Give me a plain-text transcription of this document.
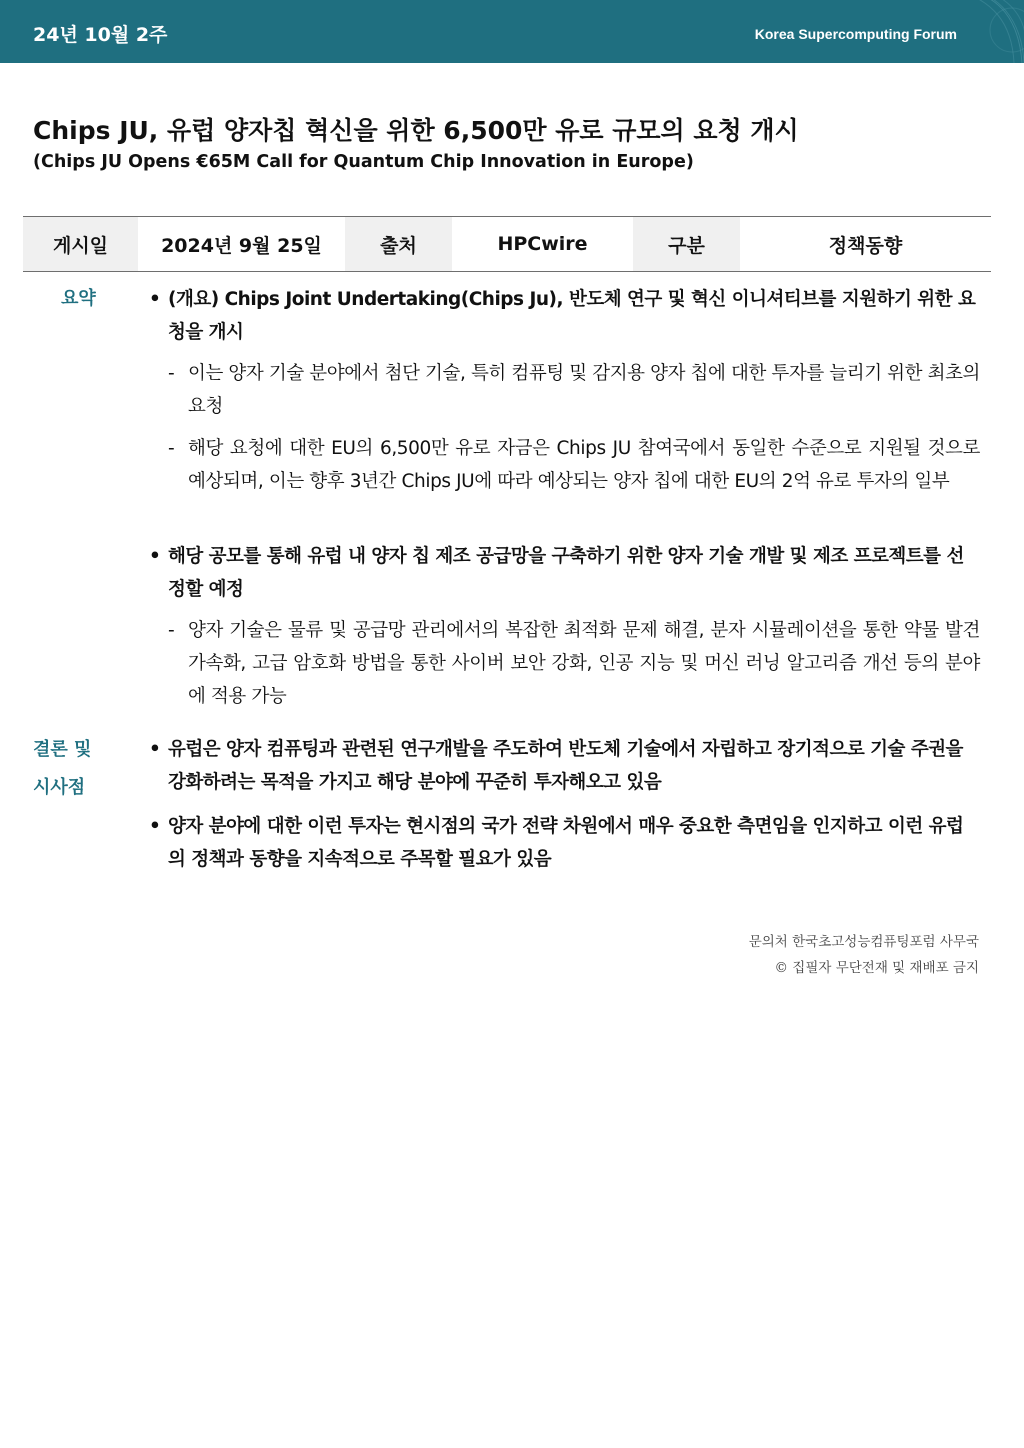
24년 10월 2주	Korea Supercomputing Forum
Chips JU, 유럽 양자칩 혁신을 위한 6,500만 유로 규모의 요청 개시
(Chips JU Opens €65M Call for Quantum Chip Innovation in Europe)
게시일	2024년 9월 25일	출처	HPCwire	구분	정책동향
요약	• (개요) Chips Joint Undertaking(Chips Ju), 반도체 연구 및 혁신 이니셔티브를 지원하기 위한 요청을 개시
- 이는 양자 기술 분야에서 첨단 기술, 특히 컴퓨팅 및 감지용 양자 칩에 대한 투자를 늘리기 위한 최초의 요청
- 해당 요청에 대한 EU의 6,500만 유로 자금은 Chips JU 참여국에서 동일한 수준으로 지원될 것으로 예상되며, 이는 향후 3년간 Chips JU에 따라 예상되는 양자 칩에 대한 EU의 2억 유로 투자의 일부
• 해당 공모를 통해 유럽 내 양자 칩 제조 공급망을 구축하기 위한 양자 기술 개발 및 제조 프로젝트를 선정할 예정
- 양자 기술은 물류 및 공급망 관리에서의 복잡한 최적화 문제 해결, 분자 시뮬레이션을 통한 약물 발견 가속화, 고급 암호화 방법을 통한 사이버 보안 강화, 인공 지능 및 머신 러닝 알고리즘 개선 등의 분야에 적용 가능
결론 및
시사점
• 유럽은 양자 컴퓨팅과 관련된 연구개발을 주도하여 반도체 기술에서 자립하고 장기적으로 기술 주권을 강화하려는 목적을 가지고 해당 분야에 꾸준히 투자해오고 있음
• 양자 분야에 대한 이런 투자는 현시점의 국가 전략 차원에서 매우 중요한 측면임을 인지하고 이런 유럽의 정책과 동향을 지속적으로 주목할 필요가 있음
문의처 한국초고성능컴퓨팅포럼 사무국
© 집필자 무단전재 및 재배포 금지
